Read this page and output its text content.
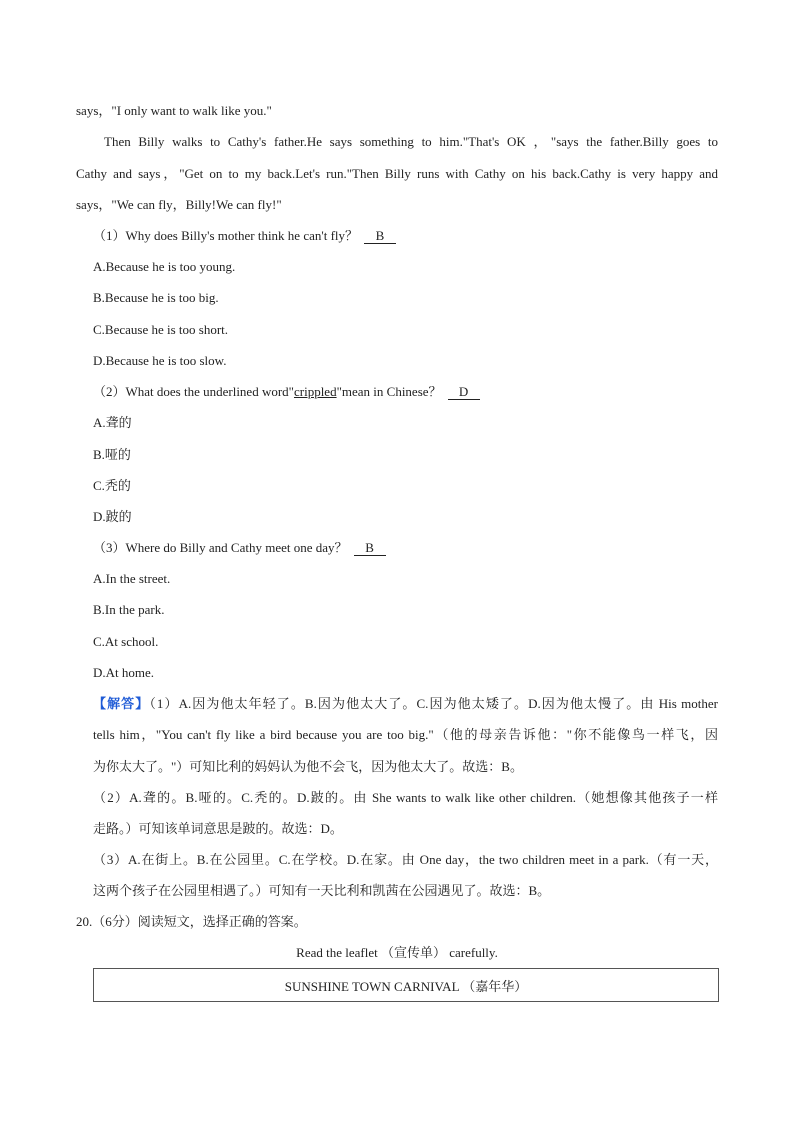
says，"I only want to walk like you."
Then Billy walks to Cathy's father.He says something to him."That's OK ，"says the father.Billy goes to
Cathy and says，"Get on to my back.Let's run."Then Billy runs with Cathy on his back.Cathy is very happy and
says，"We can fly，Billy!We can fly!"
（1）Why does Billy's mother think he can't fly？ B
A.Because he is too young.
B.Because he is too big.
C.Because he is too short.
D.Because he is too slow.
（2）What does the underlined word"crippled"mean in Chinese？ D
A.聋的
B.哑的
C.秃的
D.跛的
（3）Where do Billy and Cathy meet one day？ B
A.In the street.
B.In the park.
C.At school.
D.At home.
【解答】（1）A.因为他太年轻了。B.因为他太大了。C.因为他太矮了。D.因为他太慢了。由 His mother
tells him，"You can't fly like a bird because you are too big."（他的母亲告诉他："你不能像鸟一样飞，因
为你太大了。"）可知比利的妈妈认为他不会飞，因为他太大了。故选：B。
（2）A.聋的。B.哑的。C.秃的。D.跛的。由 She wants to walk like other children.（她想像其他孩子一样
走路。）可知该单词意思是跛的。故选：D。
（3）A.在街上。B.在公园里。C.在学校。D.在家。由 One day，the two children meet in a park.（有一天，
这两个孩子在公园里相遇了。）可知有一天比利和凯茜在公园遇见了。故选：B。
20.（6分）阅读短文，选择正确的答案。
Read the leaflet （宣传单） carefully.
SUNSHINE TOWN CARNIVAL （嘉年华）
